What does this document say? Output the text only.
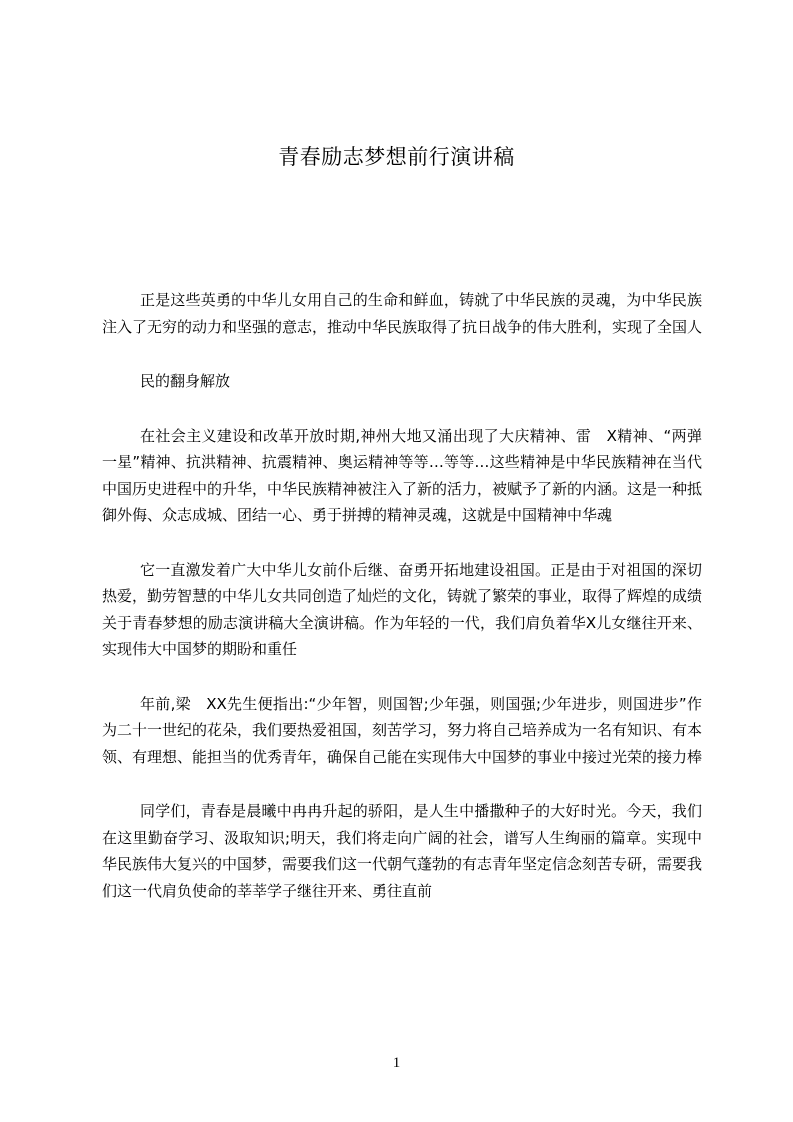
青春励志梦想前行演讲稿

正是这些英勇的中华儿女用自己的生命和鲜血，铸就了中华民族的灵魂，为中华民族注入了无穷的动力和坚强的意志，推动中华民族取得了抗日战争的伟大胜利，实现了全国人

民的翻身解放

在社会主义建设和改革开放时期,神州大地又涌出现了大庆精神、雷　X精神、“两弹一星”精神、抗洪精神、抗震精神、奥运精神等等…等等…这些精神是中华民族精神在当代中国历史进程中的升华，中华民族精神被注入了新的活力，被赋予了新的内涵。这是一种抵御外侮、众志成城、团结一心、勇于拼搏的精神灵魂，这就是中国精神中华魂

它一直激发着广大中华儿女前仆后继、奋勇开拓地建设祖国。正是由于对祖国的深切热爱，勤劳智慧的中华儿女共同创造了灿烂的文化，铸就了繁荣的事业，取得了辉煌的成绩关于青春梦想的励志演讲稿大全演讲稿。作为年轻的一代，我们肩负着华X儿女继往开来、实现伟大中国梦的期盼和重任

年前,梁　XX先生便指出:“少年智，则国智;少年强，则国强;少年进步，则国进步”作为二十一世纪的花朵，我们要热爱祖国，刻苦学习，努力将自己培养成为一名有知识、有本领、有理想、能担当的优秀青年，确保自己能在实现伟大中国梦的事业中接过光荣的接力棒

同学们，青春是晨曦中冉冉升起的骄阳，是人生中播撒种子的大好时光。今天，我们在这里勤奋学习、汲取知识;明天，我们将走向广阔的社会，谱写人生绚丽的篇章。实现中华民族伟大复兴的中国梦，需要我们这一代朝气蓬勃的有志青年坚定信念刻苦专研，需要我们这一代肩负使命的莘莘学子继往开来、勇往直前

1
